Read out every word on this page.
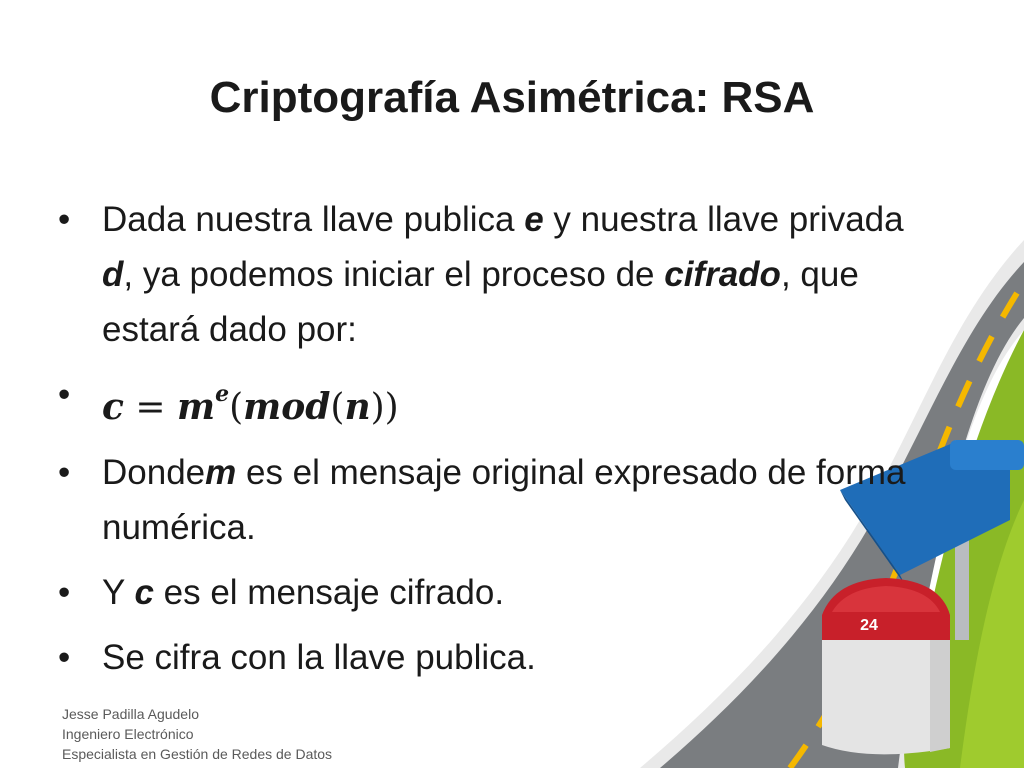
Criptografía Asimétrica: RSA
• Dada nuestra llave publica e y nuestra llave privada d, ya podemos iniciar el proceso de cifrado, que estará dado por:
• $c = m^e(mod(n))$
• Dondem es el mensaje original expresado de forma numérica.
• Y c es el mensaje cifrado.
• Se cifra con la llave publica.
24
Jesse Padilla Agudelo
Ingeniero Electrónico
Especialista en Gestión de Redes de Datos
